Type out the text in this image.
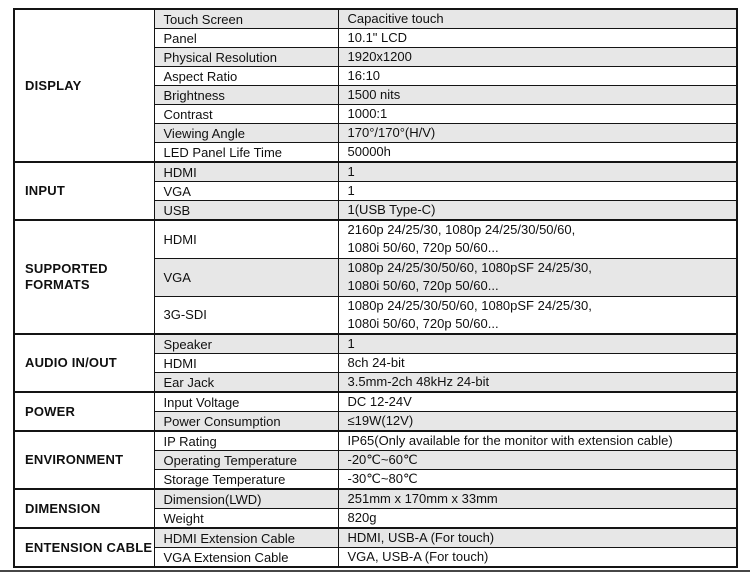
DISPLAY	Touch Screen	Capacitive touch

	Panel	10.1" LCD

	Physical Resolution	1920x1200

	Aspect Ratio	16:10

	Brightness	1500 nits

	Contrast	1000:1

	Viewing Angle	170°/170°(H/V)

	LED Panel Life Time	50000h

INPUT	HDMI	1

	VGA	1

	USB	1(USB Type-C)

SUPPORTED FORMATS	HDMI	2160p 24/25/30, 1080p 24/25/30/50/60,
1080i 50/60, 720p 50/60...

	VGA	1080p 24/25/30/50/60, 1080pSF 24/25/30,
1080i 50/60, 720p 50/60...

	3G-SDI	1080p 24/25/30/50/60, 1080pSF 24/25/30,
1080i 50/60, 720p 50/60...

AUDIO IN/OUT	Speaker	1

	HDMI	8ch 24-bit

	Ear Jack	3.5mm-2ch 48kHz 24-bit

POWER	Input Voltage	DC 12-24V

	Power Consumption	≤19W(12V)

ENVIRONMENT	IP Rating	IP65(Only available for the monitor with extension cable)

	Operating Temperature	-20℃~60℃

	Storage Temperature	-30℃~80℃

DIMENSION	Dimension(LWD)	251mm x 170mm x 33mm

	Weight	820g

ENTENSION CABLE	HDMI Extension Cable	HDMI, USB-A (For touch)

	VGA Extension Cable	VGA, USB-A (For touch)
